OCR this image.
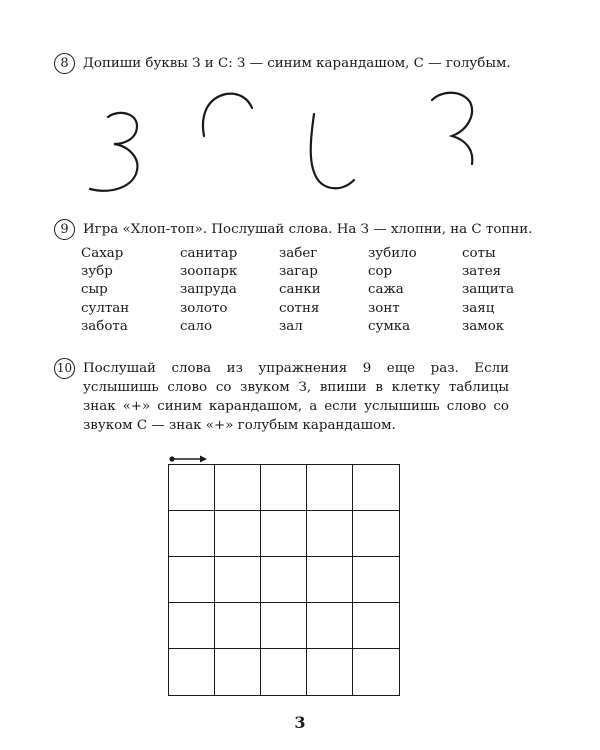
8	Допиши буквы З и С: З — синим карандашом, С — голубым.
9	Игра «Хлоп-топ». Послушай слова. На З — хлопни, на С топни.
Сахар	санитар	забег	зубило	соты
зубр	зоопарк	загар	сор	затея
сыр	запруда	санки	сажа	защита
султан	золото	сотня	зонт	заяц
забота	сало	зал	сумка	замок
10 Послушай слова из упражнения 9 еще раз. Если услышишь слово со звуком З, впиши в клетку таблицы знак «+» синим карандашом, а если услышишь слово со звуком С — знак «+» голубым карандашом.
3
